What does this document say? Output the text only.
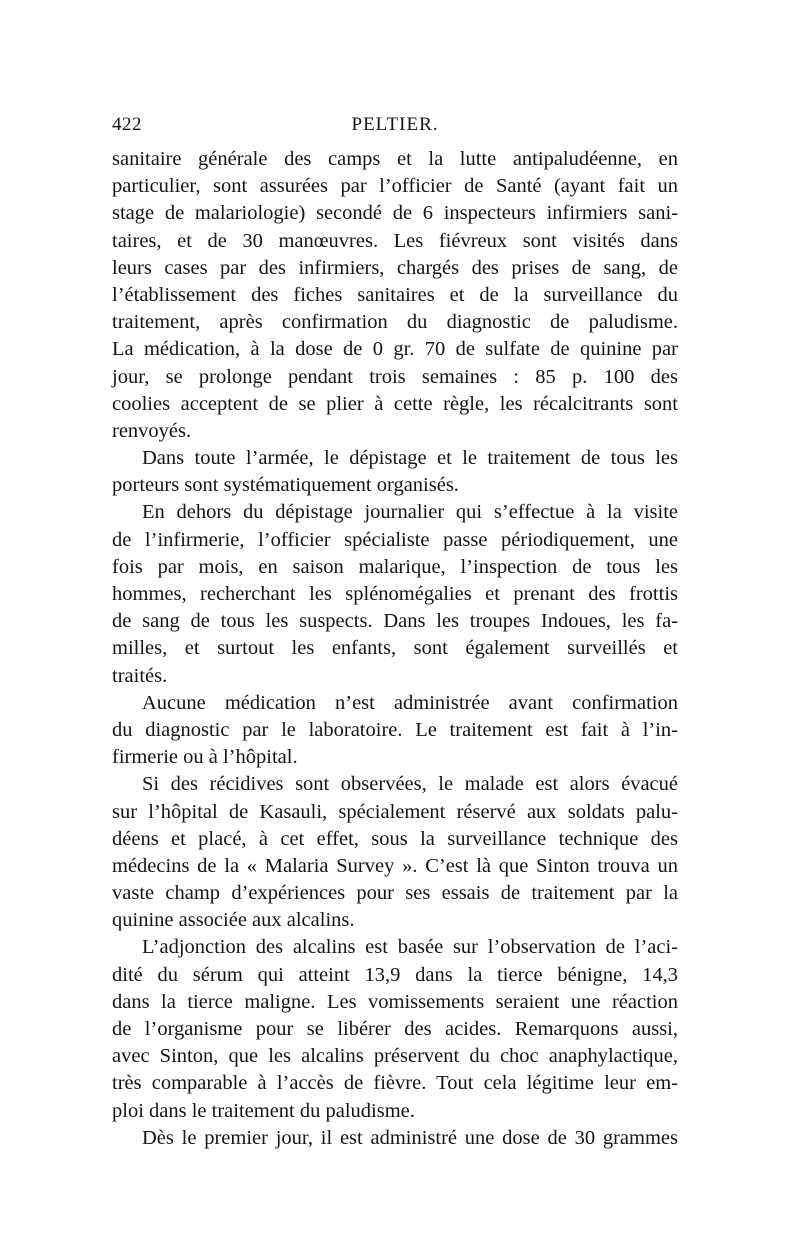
422	PELTIER.
sanitaire générale des camps et la lutte antipaludéenne, en
particulier, sont assurées par l’officier de Santé (ayant fait un
stage de malariologie) secondé de 6 inspecteurs infirmiers sani-
taires, et de 30 manœuvres. Les fiévreux sont visités dans
leurs cases par des infirmiers, chargés des prises de sang, de
l’établissement des fiches sanitaires et de la surveillance du
traitement, après confirmation du diagnostic de paludisme.
La médication, à la dose de 0 gr. 70 de sulfate de quinine par
jour, se prolonge pendant trois semaines : 85 p. 100 des
coolies acceptent de se plier à cette règle, les récalcitrants sont
renvoyés.
Dans toute l’armée, le dépistage et le traitement de tous les
porteurs sont systématiquement organisés.
En dehors du dépistage journalier qui s’effectue à la visite
de l’infirmerie, l’officier spécialiste passe périodiquement, une
fois par mois, en saison malarique, l’inspection de tous les
hommes, recherchant les splénomégalies et prenant des frottis
de sang de tous les suspects. Dans les troupes Indoues, les fa-
milles, et surtout les enfants, sont également surveillés et
traités.
Aucune médication n’est administrée avant confirmation
du diagnostic par le laboratoire. Le traitement est fait à l’in-
firmerie ou à l’hôpital.
Si des récidives sont observées, le malade est alors évacué
sur l’hôpital de Kasauli, spécialement réservé aux soldats palu-
déens et placé, à cet effet, sous la surveillance technique des
médecins de la « Malaria Survey ». C’est là que Sinton trouva un
vaste champ d’expériences pour ses essais de traitement par la
quinine associée aux alcalins.
L’adjonction des alcalins est basée sur l’observation de l’aci-
dité du sérum qui atteint 13,9 dans la tierce bénigne, 14,3
dans la tierce maligne. Les vomissements seraient une réaction
de l’organisme pour se libérer des acides. Remarquons aussi,
avec Sinton, que les alcalins préservent du choc anaphylactique,
très comparable à l’accès de fièvre. Tout cela légitime leur em-
ploi dans le traitement du paludisme.
Dès le premier jour, il est administré une dose de 30 grammes
